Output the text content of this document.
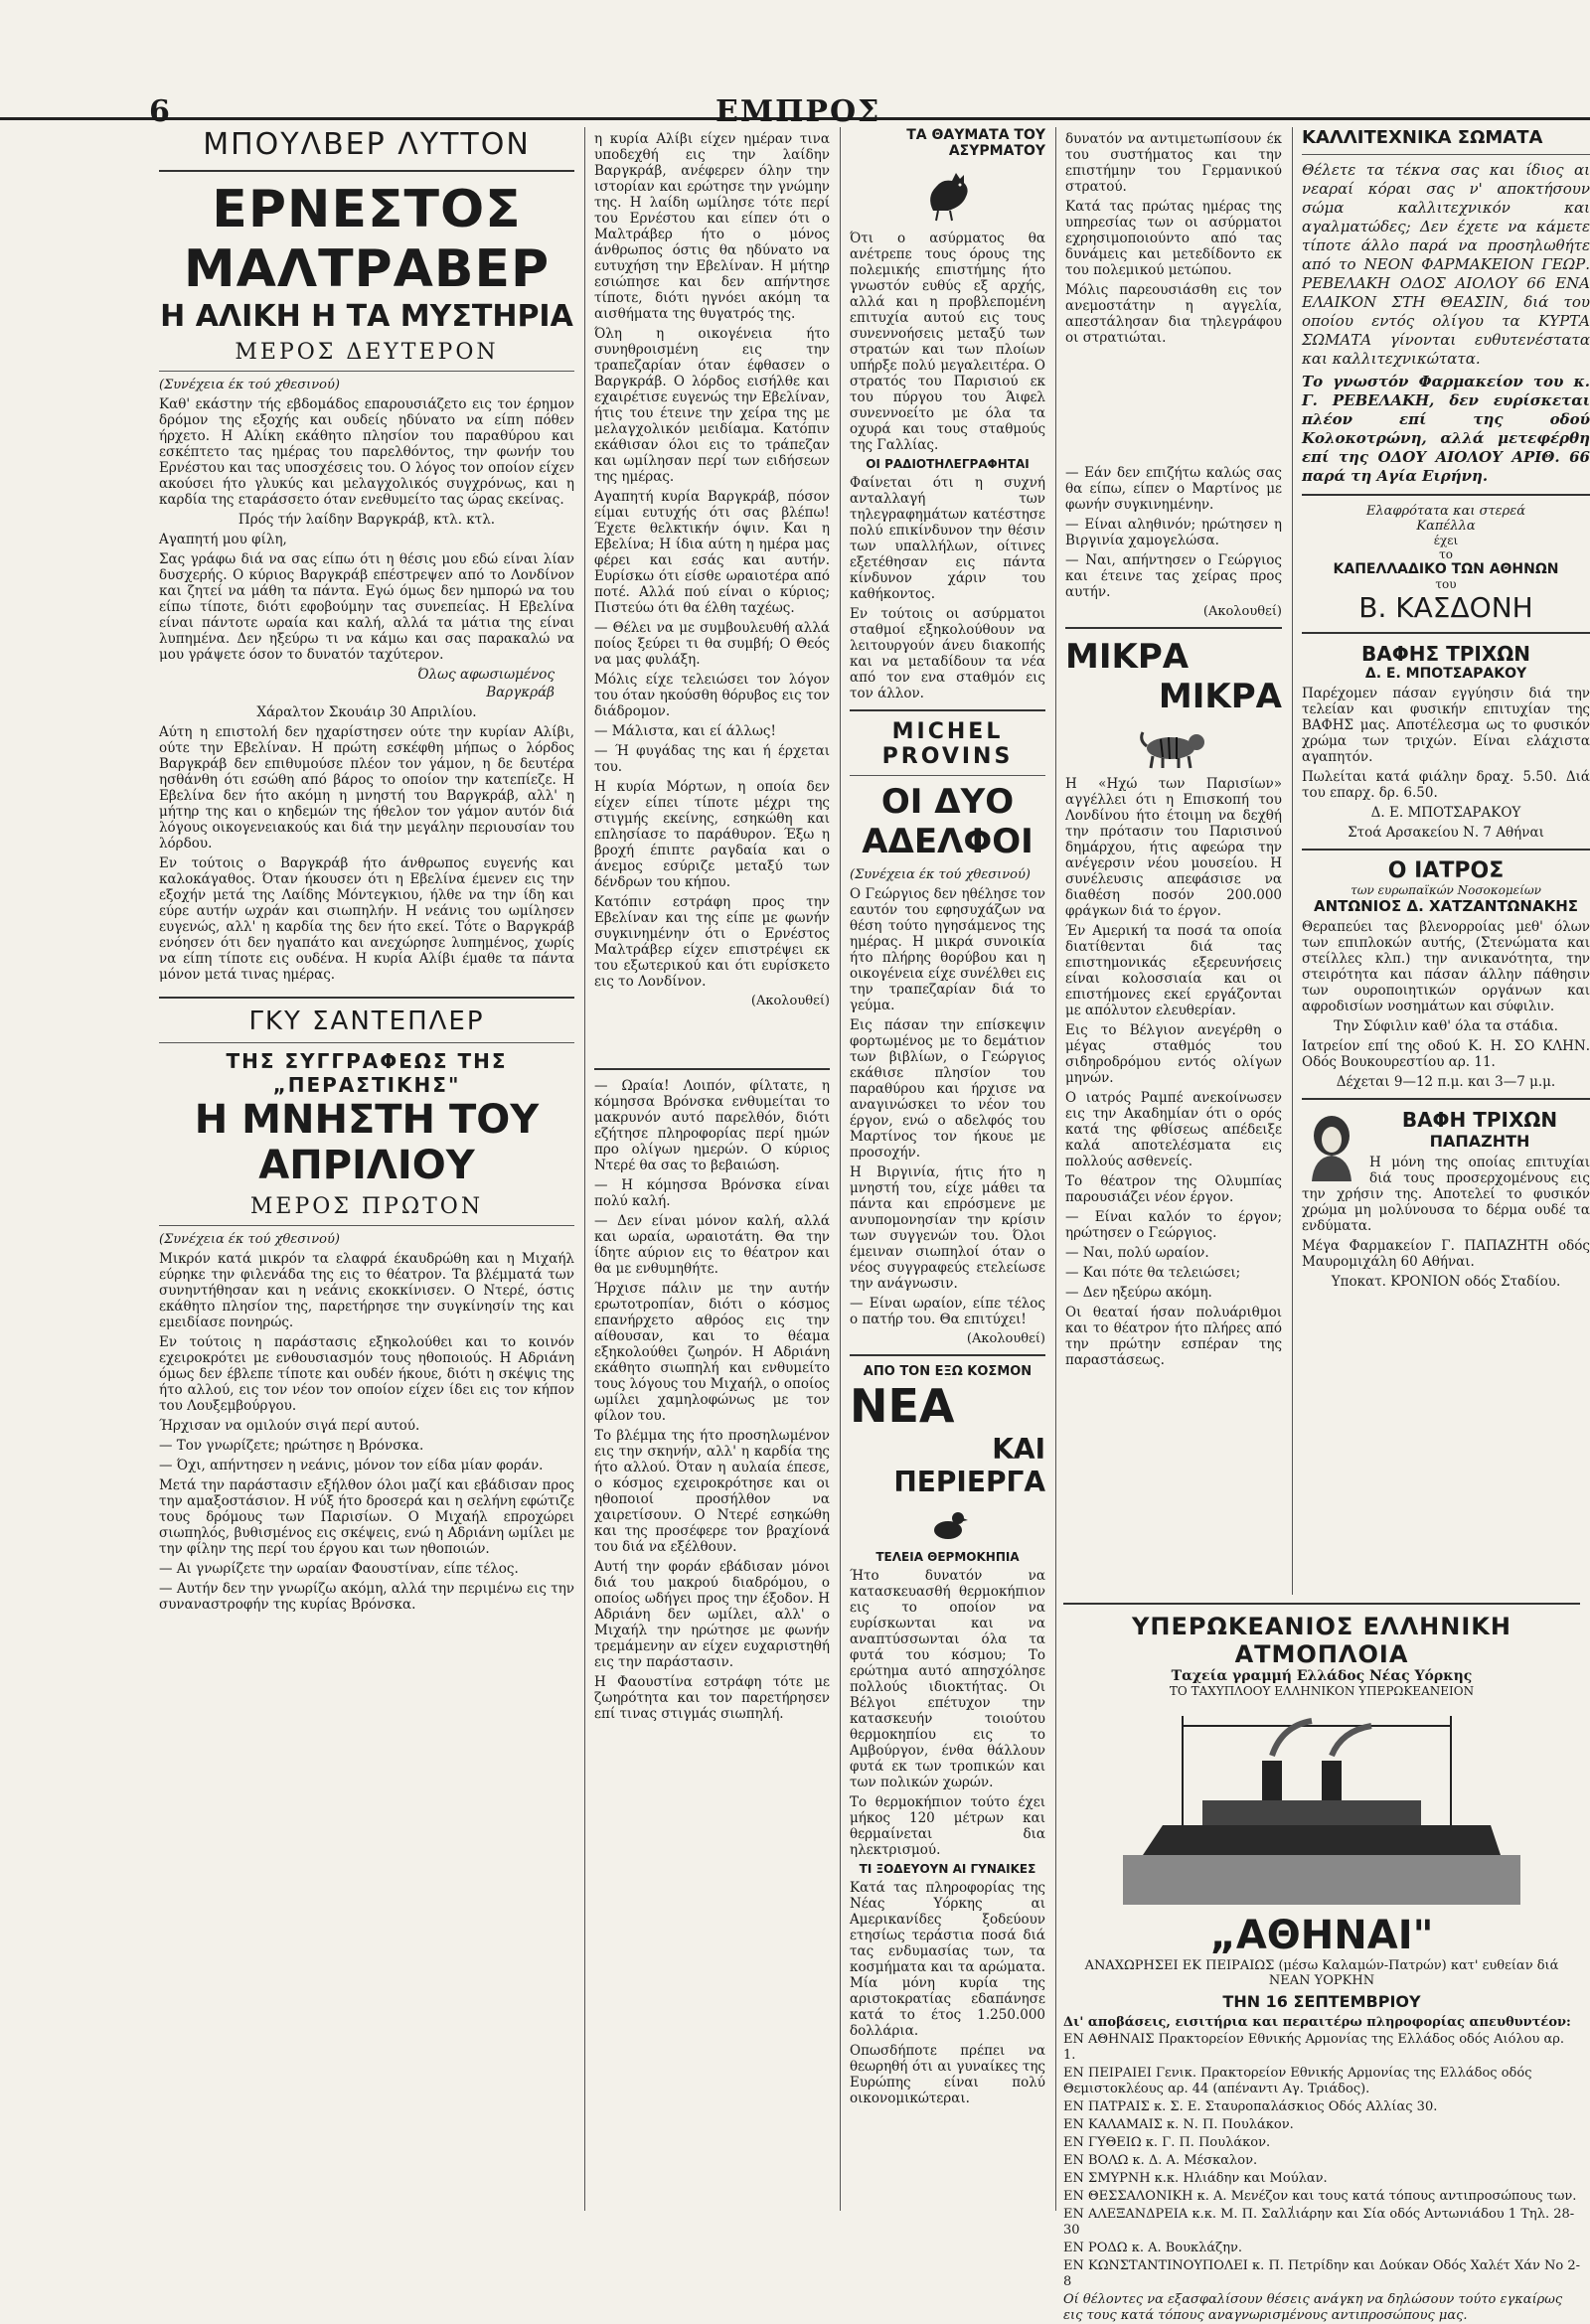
6	ΕΜΠΡΟΣ
ΜΠΟΥΛΒΕΡ ΛΥΤΤΟΝ
ΕΡΝΕΣΤΟΣ ΜΑΛΤΡΑΒΕΡ
Η ΑΛΙΚΗ Η ΤΑ ΜΥΣΤΗΡΙΑ
ΜΕΡΟΣ ΔΕΥΤΕΡΟΝ
(Συνέχεια έκ τού χθεσινού)

Καθ' εκάστην τής εβδομάδος επαρουσιάζετο εις τον έρημον δρόμον της εξοχής και ουδείς ηδύνατο να είπη πόθεν ήρχετο. Η Αλίκη εκάθητο πλησίον του παραθύρου και εσκέπτετο τας ημέρας του παρελθόντος, την φωνήν του Ερνέστου και τας υποσχέσεις του. Ο λόγος τον οποίον είχεν ακούσει ήτο γλυκύς και μελαγχολικός συγχρόνως, και η καρδία της εταράσσετο όταν ενεθυμείτο τας ώρας εκείνας.

Πρός τήν λαίδην Βαργκράβ, κτλ. κτλ.

Αγαπητή μου φίλη,

Σας γράφω διά να σας είπω ότι η θέσις μου εδώ είναι λίαν δυσχερής. Ο κύριος Βαργκράβ επέστρεψεν από το Λονδίνον και ζητεί να μάθη τα πάντα. Εγώ όμως δεν ημπορώ να του είπω τίποτε, διότι εφοβούμην τας συνεπείας. Η Εβελίνα είναι πάντοτε ωραία και καλή, αλλά τα μάτια της είναι λυπημένα. Δεν ηξεύρω τι να κάμω και σας παρακαλώ να μου γράψετε όσον το δυνατόν ταχύτερον.

Όλως αφωσιωμένος

Βαργκράβ

Χάραλτον Σκουάιρ 30 Απριλίου.

Αύτη η επιστολή δεν ηχαρίστησεν ούτε την κυρίαν Αλίβι, ούτε την Εβελίναν. Η πρώτη εσκέφθη μήπως ο λόρδος Βαργκράβ δεν επιθυμούσε πλέον τον γάμον, η δε δευτέρα ησθάνθη ότι εσώθη από βάρος το οποίον την κατεπίεζε. Η Εβελίνα δεν ήτο ακόμη η μνηστή του Βαργκράβ, αλλ' η μήτηρ της και ο κηδεμών της ήθελον τον γάμον αυτόν διά λόγους οικογενειακούς και διά την μεγάλην περιουσίαν του λόρδου.

Εν τούτοις ο Βαργκράβ ήτο άνθρωπος ευγενής και καλοκάγαθος. Όταν ήκουσεν ότι η Εβελίνα έμενεν εις την εξοχήν μετά της Λαίδης Μόντεγκιου, ήλθε να την ίδη και εύρε αυτήν ωχράν και σιωπηλήν. Η νεάνις του ωμίλησεν ευγενώς, αλλ' η καρδία της δεν ήτο εκεί. Τότε ο Βαργκράβ ενόησεν ότι δεν ηγαπάτο και ανεχώρησε λυπημένος, χωρίς να είπη τίποτε εις ουδένα. Η κυρία Αλίβι έμαθε τα πάντα μόνον μετά τινας ημέρας.

ΓΚΥ ΣΑΝΤΕΠΛΕΡ
ΤΗΣ ΣΥΓΓΡΑΦΕΩΣ ΤΗΣ „ΠΕΡΑΣΤΙΚΗΣ"
Η ΜΝΗΣΤΗ ΤΟΥ ΑΠΡΙΛΙΟΥ
ΜΕΡΟΣ ΠΡΩΤΟΝ
(Συνέχεια έκ τού χθεσινού)

Μικρόν κατά μικρόν τα ελαφρά έκαυδρώθη και η Μιχαήλ εύρηκε την φιλενάδα της εις το θέατρον. Τα βλέμματά των συνηντήθησαν και η νεάνις εκοκκίνισεν. Ο Ντερέ, όστις εκάθητο πλησίον της, παρετήρησε την συγκίνησίν της και εμειδίασε πονηρώς.

Εν τούτοις η παράστασις εξηκολούθει και το κοινόν εχειροκρότει με ενθουσιασμόν τους ηθοποιούς. Η Αδριάνη όμως δεν έβλεπε τίποτε και ουδέν ήκουε, διότι η σκέψις της ήτο αλλού, εις τον νέον τον οποίον είχεν ίδει εις τον κήπον του Λουξεμβούργου.

Ήρχισαν να ομιλούν σιγά περί αυτού.

— Τον γνωρίζετε; ηρώτησε η Βρόνσκα.

— Όχι, απήντησεν η νεάνις, μόνον τον είδα μίαν φοράν.

Μετά την παράστασιν εξήλθον όλοι μαζί και εβάδισαν προς την αμαξοστάσιον. Η νύξ ήτο δροσερά και η σελήνη εφώτιζε τους δρόμους των Παρισίων. Ο Μιχαήλ επροχώρει σιωπηλός, βυθισμένος εις σκέψεις, ενώ η Αδριάνη ωμίλει με την φίλην της περί του έργου και των ηθοποιών.

— Αι γνωρίζετε την ωραίαν Φαουστίναν, είπε τέλος.

— Αυτήν δεν την γνωρίζω ακόμη, αλλά την περιμένω εις την συναναστροφήν της κυρίας Βρόνσκα.

η κυρία Αλίβι είχεν ημέραν τινα υποδεχθή εις την λαίδην Βαργκράβ, ανέφερεν όλην την ιστορίαν και ερώτησε την γνώμην της. Η λαίδη ωμίλησε τότε περί του Ερνέστου και είπεν ότι ο Μαλτράβερ ήτο ο μόνος άνθρωπος όστις θα ηδύνατο να ευτυχήση την Εβελίναν. Η μήτηρ εσιώπησε και δεν απήντησε τίποτε, διότι ηγνόει ακόμη τα αισθήματα της θυγατρός της.

Όλη η οικογένεια ήτο συνηθροισμένη εις την τραπεζαρίαν όταν έφθασεν ο Βαργκράβ. Ο λόρδος εισήλθε και εχαιρέτισε ευγενώς την Εβελίναν, ήτις του έτεινε την χείρα της με μελαγχολικόν μειδίαμα. Κατόπιν εκάθισαν όλοι εις το τράπεζαν και ωμίλησαν περί των ειδήσεων της ημέρας.

Αγαπητή κυρία Βαργκράβ, πόσον είμαι ευτυχής ότι σας βλέπω! Έχετε θελκτικήν όψιν. Και η Εβελίνα; Η ίδια αύτη η ημέρα μας φέρει και εσάς και αυτήν. Ευρίσκω ότι είσθε ωραιοτέρα από ποτέ. Αλλά πού είναι ο κύριος; Πιστεύω ότι θα έλθη ταχέως.

— Θέλει να με συμβουλευθή αλλά ποίος ξεύρει τι θα συμβή; Ο Θεός να μας φυλάξη.

Μόλις είχε τελειώσει τον λόγον του όταν ηκούσθη θόρυβος εις τον διάδρομον.

— Μάλιστα, και εί άλλως!

— Ή φυγάδας της και ή έρχεται του.

Η κυρία Μόρτων, η οποία δεν είχεν είπει τίποτε μέχρι της στιγμής εκείνης, εσηκώθη και επλησίασε το παράθυρον. Έξω η βροχή έπιπτε ραγδαία και ο άνεμος εσύριζε μεταξύ των δένδρων του κήπου.

Κατόπιν εστράφη προς την Εβελίναν και της είπε με φωνήν συγκινημένην ότι ο Ερνέστος Μαλτράβερ είχεν επιστρέψει εκ του εξωτερικού και ότι ευρίσκετο εις το Λονδίνον.

(Ακολουθεί)

— Ωραία! Λοιπόν, φίλτατε, η κόμησσα Βρόνσκα ενθυμείται το μακρυνόν αυτό παρελθόν, διότι εζήτησε πληροφορίας περί ημών προ ολίγων ημερών. Ο κύριος Ντερέ θα σας το βεβαιώση.

— Η κόμησσα Βρόνσκα είναι πολύ καλή.

— Δεν είναι μόνον καλή, αλλά και ωραία, ωραιοτάτη. Θα την ίδητε αύριον εις το θέατρον και θα με ενθυμηθήτε.

Ήρχισε πάλιν με την αυτήν ερωτοτροπίαν, διότι ο κόσμος επανήρχετο αθρόος εις την αίθουσαν, και το θέαμα εξηκολούθει ζωηρόν. Η Αδριάνη εκάθητο σιωπηλή και ενθυμείτο τους λόγους του Μιχαήλ, ο οποίος ωμίλει χαμηλοφώνως με τον φίλον του.

Το βλέμμα της ήτο προσηλωμένον εις την σκηνήν, αλλ' η καρδία της ήτο αλλού. Όταν η αυλαία έπεσε, ο κόσμος εχειροκρότησε και οι ηθοποιοί προσήλθον να χαιρετίσουν. Ο Ντερέ εσηκώθη και της προσέφερε τον βραχίονά του διά να εξέλθουν.

Αυτή την φοράν εβάδισαν μόνοι διά του μακρού διαδρόμου, ο οποίος ωδήγει προς την έξοδον. Η Αδριάνη δεν ωμίλει, αλλ' ο Μιχαήλ την ηρώτησε με φωνήν τρεμάμενην αν είχεν ευχαριστηθή εις την παράστασιν.

Η Φαουστίνα εστράφη τότε με ζωηρότητα και τον παρετήρησεν επί τινας στιγμάς σιωπηλή.

ΤΑ ΘΑΥΜΑΤΑ ΤΟΥ ΑΣΥΡΜΑΤΟΥ

Ότι ο ασύρματος θα ανέτρεπε τους όρους της πολεμικής επιστήμης ήτο γνωστόν ευθύς εξ αρχής, αλλά και η προβλεπομένη επιτυχία αυτού εις τους συνεννοήσεις μεταξύ των στρατών και των πλοίων υπήρξε πολύ μεγαλειτέρα. Ο στρατός του Παρισιού εκ του πύργου του Άιφελ συνεννοείτο με όλα τα οχυρά και τους σταθμούς της Γαλλίας.

ΟΙ ΡΑΔΙΟΤΗΛΕΓΡΑΦΗΤΑΙ

Φαίνεται ότι η συχνή ανταλλαγή των τηλεγραφημάτων κατέστησε πολύ επικίνδυνον την θέσιν των υπαλλήλων, οίτινες εξετέθησαν εις πάντα κίνδυνον χάριν του καθήκοντος.

Εν τούτοις οι ασύρματοι σταθμοί εξηκολούθουν να λειτουργούν άνευ διακοπής και να μεταδίδουν τα νέα από τον ενα σταθμόν εις τον άλλον.

MICHEL PROVINS
ΟΙ ΔΥΟ ΑΔΕΛΦΟΙ
(Συνέχεια έκ τού χθεσινού)

Ο Γεώργιος δεν ηθέλησε τον εαυτόν του εφησυχάζων να θέση τούτο ηγησάμενος της ημέρας. Η μικρά συνοικία ήτο πλήρης θορύβου και η οικογένεια είχε συνέλθει εις την τραπεζαρίαν διά το γεύμα.

Εις πάσαν την επίσκεψιν φορτωμένος με το δεμάτιον των βιβλίων, ο Γεώργιος εκάθισε πλησίον του παραθύρου και ήρχισε να αναγινώσκει το νέον του έργον, ενώ ο αδελφός του Μαρτίνος τον ήκουε με προσοχήν.

Η Βιργινία, ήτις ήτο η μνηστή του, είχε μάθει τα πάντα και επρόσμενε με ανυπομονησίαν την κρίσιν των συγγενών του. Όλοι έμειναν σιωπηλοί όταν ο νέος συγγραφεύς ετελείωσε την ανάγνωσιν.

— Είναι ωραίον, είπε τέλος ο πατήρ του. Θα επιτύχει!

(Ακολουθεί)
ΑΠΟ ΤΟΝ ΕΞΩ ΚΟΣΜΟΝ
ΝΕΑ
ΚΑΙ ΠΕΡΙΕΡΓΑ
ΤΕΛΕΙΑ ΘΕΡΜΟΚΗΠΙΑ

Ήτο δυνατόν να κατασκευασθή θερμοκήπιον εις το οποίον να ευρίσκωνται και να αναπτύσσωνται όλα τα φυτά του κόσμου; Το ερώτημα αυτό απησχόλησε πολλούς ιδιοκτήτας. Οι Βέλγοι επέτυχον την κατασκευήν τοιούτου θερμοκηπίου εις το Αμβούργον, ένθα θάλλουν φυτά εκ των τροπικών και των πολικών χωρών.

Το θερμοκήπιον τούτο έχει μήκος 120 μέτρων και θερμαίνεται δια ηλεκτρισμού.

ΤΙ ΞΟΔΕΥΟΥΝ ΑΙ ΓΥΝΑΙΚΕΣ

Κατά τας πληροφορίας της Νέας Υόρκης αι Αμερικανίδες ξοδεύουν ετησίως τεράστια ποσά διά τας ενδυμασίας των, τα κοσμήματα και τα αρώματα. Μία μόνη κυρία της αριστοκρατίας εδαπάνησε κατά το έτος 1.250.000 δολλάρια.

Οπωσδήποτε πρέπει να θεωρηθή ότι αι γυναίκες της Ευρώπης είναι πολύ οικονομικώτεραι.

δυνατόν να αντιμετωπίσουν έκ του συστήματος και την επιστήμην του Γερμανικού στρατού.

Κατά τας πρώτας ημέρας της υπηρεσίας των οι ασύρματοι εχρησιμοποιούντο από τας δυνάμεις και μετεδίδοντο εκ του πολεμικού μετώπου.

Μόλις παρεουσιάσθη εις τον ανεμοστάτην η αγγελία, απεστάλησαν δια τηλεγράφου οι στρατιώται.

— Εάν δεν επιζήτω καλώς σας θα είπω, είπεν ο Μαρτίνος με φωνήν συγκινημένην.

— Είναι αληθινόν; ηρώτησεν η Βιργινία χαμογελώσα.

— Ναι, απήντησεν ο Γεώργιος και έτεινε τας χείρας προς αυτήν.

(Ακολουθεί)
ΜΙΚΡΑ
ΜΙΚΡΑ

Η «Ηχώ των Παρισίων» αγγέλλει ότι η Επισκοπή του Λονδίνου ήτο έτοιμη να δεχθή την πρότασιν του Παρισινού δημάρχου, ήτις αφεώρα την ανέγερσιν νέου μουσείου. Η συνέλευσις απεφάσισε να διαθέση ποσόν 200.000 φράγκων διά το έργον.

Έν Αμερική τα ποσά τα οποία διατίθενται διά τας επιστημονικάς εξερευνήσεις είναι κολοσσιαία και οι επιστήμονες εκεί εργάζονται με απόλυτον ελευθερίαν.

Εις το Βέλγιον ανεγέρθη ο μέγας σταθμός του σιδηροδρόμου εντός ολίγων μηνών.

Ο ιατρός Ραμπέ ανεκοίνωσεν εις την Ακαδημίαν ότι ο ορός κατά της φθίσεως απέδειξε καλά αποτελέσματα εις πολλούς ασθενείς.

Το θέατρον της Ολυμπίας παρουσιάζει νέον έργον.

— Είναι καλόν το έργον; ηρώτησεν ο Γεώργιος.

— Ναι, πολύ ωραίον.

— Και πότε θα τελειώσει;

— Δεν ηξεύρω ακόμη.

Οι θεαταί ήσαν πολυάριθμοι και το θέατρον ήτο πλήρες από την πρώτην εσπέραν της παραστάσεως.

ΚΑΛΛΙΤΕΧΝΙΚΑ ΣΩΜΑΤΑ

Θέλετε τα τέκνα σας και ίδιος αι νεαραί κόραι σας ν' αποκτήσουν σώμα καλλιτεχνικόν και αγαλματώδες; Δεν έχετε να κάμετε τίποτε άλλο παρά να προσηλωθήτε από το ΝΕΟΝ ΦΑΡΜΑΚΕΙΟΝ ΓΕΩΡ. ΡΕΒΕΛΑΚΗ ΟΔΟΣ ΑΙΟΛΟΥ 66 ΕΝΑ ΕΛΑΙΚΟΝ ΣΤΗ ΘΕΑΣΙΝ, διά του οποίου εντός ολίγου τα ΚΥΡΤΑ ΣΩΜΑΤΑ γίνονται ευθυτενέστατα και καλλιτεχνικώτατα.

Το γνωστόν Φαρμακείον του κ. Γ. ΡΕΒΕΛΑΚΗ, δεν ευρίσκεται πλέον επί της οδού Κολοκοτρώνη, αλλά μετεφέρθη επί της ΟΔΟΥ ΑΙΟΛΟΥ ΑΡΙΘ. 66 παρά τη Αγία Ειρήνη.

Ελαφρότατα και στερεά
Καπέλλα
έχει
το
ΚΑΠΕΛΛΑΔΙΚΟ ΤΩΝ ΑΘΗΝΩΝ
του
Β. ΚΑΣΔΟΝΗ
ΒΑΦΗΣ ΤΡΙΧΩΝ
Δ. Ε. ΜΠΟΤΣΑΡΑΚΟΥ

Παρέχομεν πάσαν εγγύησιν διά την τελείαν και φυσικήν επιτυχίαν της ΒΑΦΗΣ μας. Αποτέλεσμα ως το φυσικόν χρώμα των τριχών. Είναι ελάχιστα αγαπητόν.

Πωλείται κατά φιάλην δραχ. 5.50. Διά του επαρχ. δρ. 6.50.

Δ. Ε. ΜΠΟΤΣΑΡΑΚΟΥ

Στοά Αρσακείου Ν. 7 Αθήναι

Ο ΙΑΤΡΟΣ
των ευρωπαϊκών Νοσοκομείων
ΑΝΤΩΝΙΟΣ Δ. ΧΑΤΖΑΝΤΩΝΑΚΗΣ

Θεραπεύει τας βλενορροίας μεθ' όλων των επιπλοκών αυτής, (Στενώματα και στείλλες κλπ.) την ανικανότητα, την στειρότητα και πάσαν άλλην πάθησιν των ουροποιητικών οργάνων και αφροδισίων νοσημάτων και σύφιλιν.

Την Σύφιλιν καθ' όλα τα στάδια.

Ιατρείον επί της οδού Κ. Η. ΣΟ ΚΛΗΝ. Οδός Βουκουρεστίου αρ. 11.

Δέχεται 9—12 π.μ. και 3—7 μ.μ.

ΒΑΦΗ ΤΡΙΧΩΝ
ΠΑΠΑΖΗΤΗ

Η μόνη της οποίας επιτυχίαι διά τους προσερχομένους εις την χρήσιν της. Αποτελεί το φυσικόν χρώμα μη μολύνουσα το δέρμα ουδέ τα ενδύματα.

Μέγα Φαρμακείον Γ. ΠΑΠΑΖΗΤΗ οδός Μαυρομιχάλη 60 Αθήναι.

Υποκατ. ΚΡΟΝΙΟΝ οδός Σταδίου.

ΥΠΕΡΩΚΕΑΝΙΟΣ ΕΛΛΗΝΙΚΗ ΑΤΜΟΠΛΟΙΑ
Ταχεία γραμμή Ελλάδος Νέας Υόρκης
ΤΟ ΤΑΧΥΠΛΟΟΥ ΕΛΛΗΝΙΚΟΝ ΥΠΕΡΩΚΕΑΝΕΙΟΝ
„ΑΘΗΝΑΙ"
ΑΝΑΧΩΡΗΣΕΙ ΕΚ ΠΕΙΡΑΙΩΣ (μέσω Καλαμών-Πατρών) κατ' ευθείαν διά ΝΕΑΝ ΥΟΡΚΗΝ
ΤΗΝ 16 ΣΕΠΤΕΜΒΡΙΟΥ
Δι' αποβάσεις, εισιτήρια και περαιτέρω πληροφορίας απευθυντέον:
ΕΝ ΑΘΗΝΑΙΣ Πρακτορείον Εθνικής Αρμονίας της Ελλάδος οδός Αιόλου αρ. 1.
ΕΝ ΠΕΙΡΑΙΕΙ Γενικ. Πρακτορείον Εθνικής Αρμονίας της Ελλάδος οδός Θεμιστοκλέους αρ. 44 (απέναντι Αγ. Τριάδος).
ΕΝ ΠΑΤΡΑΙΣ κ. Σ. Ε. Σταυροπαλάσκιος Οδός Αλλίας 30.
ΕΝ ΚΑΛΑΜΑΙΣ κ. Ν. Π. Πουλάκον.
ΕΝ ΓΥΘΕΙΩ κ. Γ. Π. Πουλάκον.
ΕΝ ΒΟΛΩ κ. Δ. Α. Μέσκαλον.
ΕΝ ΣΜΥΡΝΗ κ.κ. Ηλιάδην και Μούλαν.
ΕΝ ΘΕΣΣΑΛΟΝΙΚΗ κ. Α. Μενέζον και τους κατά τόπους αντιπροσώπους των.
ΕΝ ΑΛΕΞΑΝΔΡΕΙΑ κ.κ. Μ. Π. Σαλλιάρην και Σία οδός Αντωνιάδου 1 Τηλ. 28-30
ΕΝ ΡΟΔΩ κ. Α. Βουκλάζην.
ΕΝ ΚΩΝΣΤΑΝΤΙΝΟΥΠΟΛΕΙ κ. Π. Πετρίδην και Δούκαν Οδός Χαλέτ Χάν Νο 2-8
Οί θέλοντες να εξασφαλίσουν θέσεις ανάγκη να δηλώσουν τούτο εγκαίρως εις τους κατά τόπους αναγνωρισμένους αντιπροσώπους μας.
